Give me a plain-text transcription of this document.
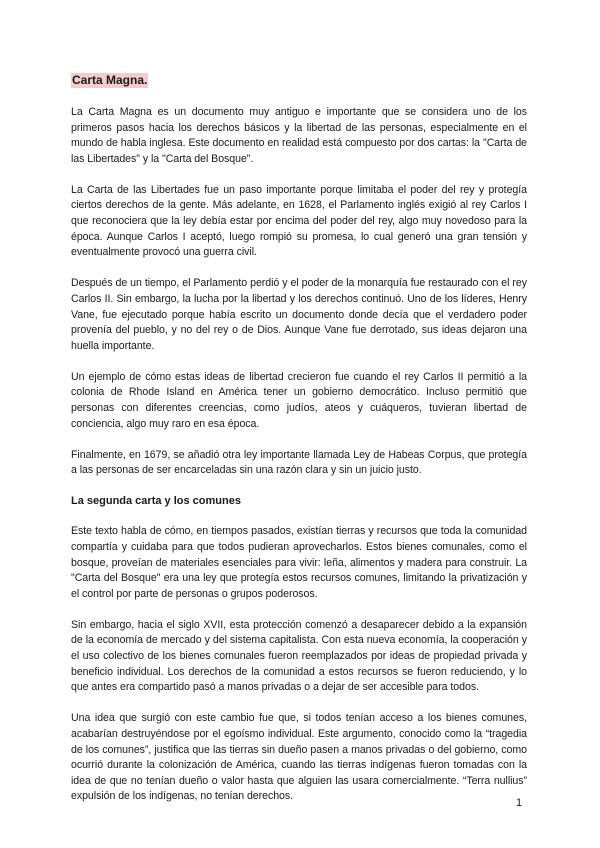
Carta Magna.

La Carta Magna es un documento muy antiguo e importante que se considera uno de los primeros pasos hacia los derechos básicos y la libertad de las personas, especialmente en el mundo de habla inglesa. Este documento en realidad está compuesto por dos cartas: la "Carta de las Libertades" y la "Carta del Bosque".

La Carta de las Libertades fue un paso importante porque limitaba el poder del rey y protegía ciertos derechos de la gente. Más adelante, en 1628, el Parlamento inglés exigió al rey Carlos I que reconociera que la ley debía estar por encima del poder del rey, algo muy novedoso para la época. Aunque Carlos I aceptó, luego rompió su promesa, lo cual generó una gran tensión y eventualmente provocó una guerra civil.

Después de un tiempo, el Parlamento perdió y el poder de la monarquía fue restaurado con el rey Carlos II. Sin embargo, la lucha por la libertad y los derechos continuó. Uno de los líderes, Henry Vane, fue ejecutado porque había escrito un documento donde decía que el verdadero poder provenía del pueblo, y no del rey o de Dios. Aunque Vane fue derrotado, sus ideas dejaron una huella importante.

Un ejemplo de cómo estas ideas de libertad crecieron fue cuando el rey Carlos II permitió a la colonia de Rhode Island en América tener un gobierno democrático. Incluso permitió que personas con diferentes creencias, como judíos, ateos y cuáqueros, tuvieran libertad de conciencia, algo muy raro en esa época.

Finalmente, en 1679, se añadió otra ley importante llamada Ley de Habeas Corpus, que protegía a las personas de ser encarceladas sin una razón clara y sin un juicio justo.

La segunda carta y los comunes

Este texto habla de cómo, en tiempos pasados, existían tierras y recursos que toda la comunidad compartía y cuidaba para que todos pudieran aprovecharlos. Estos bienes comunales, como el bosque, proveían de materiales esenciales para vivir: leña, alimentos y madera para construir. La "Carta del Bosque" era una ley que protegía estos recursos comunes, limitando la privatización y el control por parte de personas o grupos poderosos.

Sin embargo, hacia el siglo XVII, esta protección comenzó a desaparecer debido a la expansión de la economía de mercado y del sistema capitalista. Con esta nueva economía, la cooperación y el uso colectivo de los bienes comunales fueron reemplazados por ideas de propiedad privada y beneficio individual. Los derechos de la comunidad a estos recursos se fueron reduciendo, y lo que antes era compartido pasó a manos privadas o a dejar de ser accesible para todos.

Una idea que surgió con este cambio fue que, si todos tenían acceso a los bienes comunes, acabarían destruyéndose por el egoísmo individual. Este argumento, conocido como la “tragedia de los comunes”, justifica que las tierras sin dueño pasen a manos privadas o del gobierno, como ocurrió durante la colonización de América, cuando las tierras indígenas fueron tomadas con la idea de que no tenían dueño o valor hasta que alguien las usara comercialmente. “Terra nullius” expulsión de los indígenas, no tenían derechos.

1
